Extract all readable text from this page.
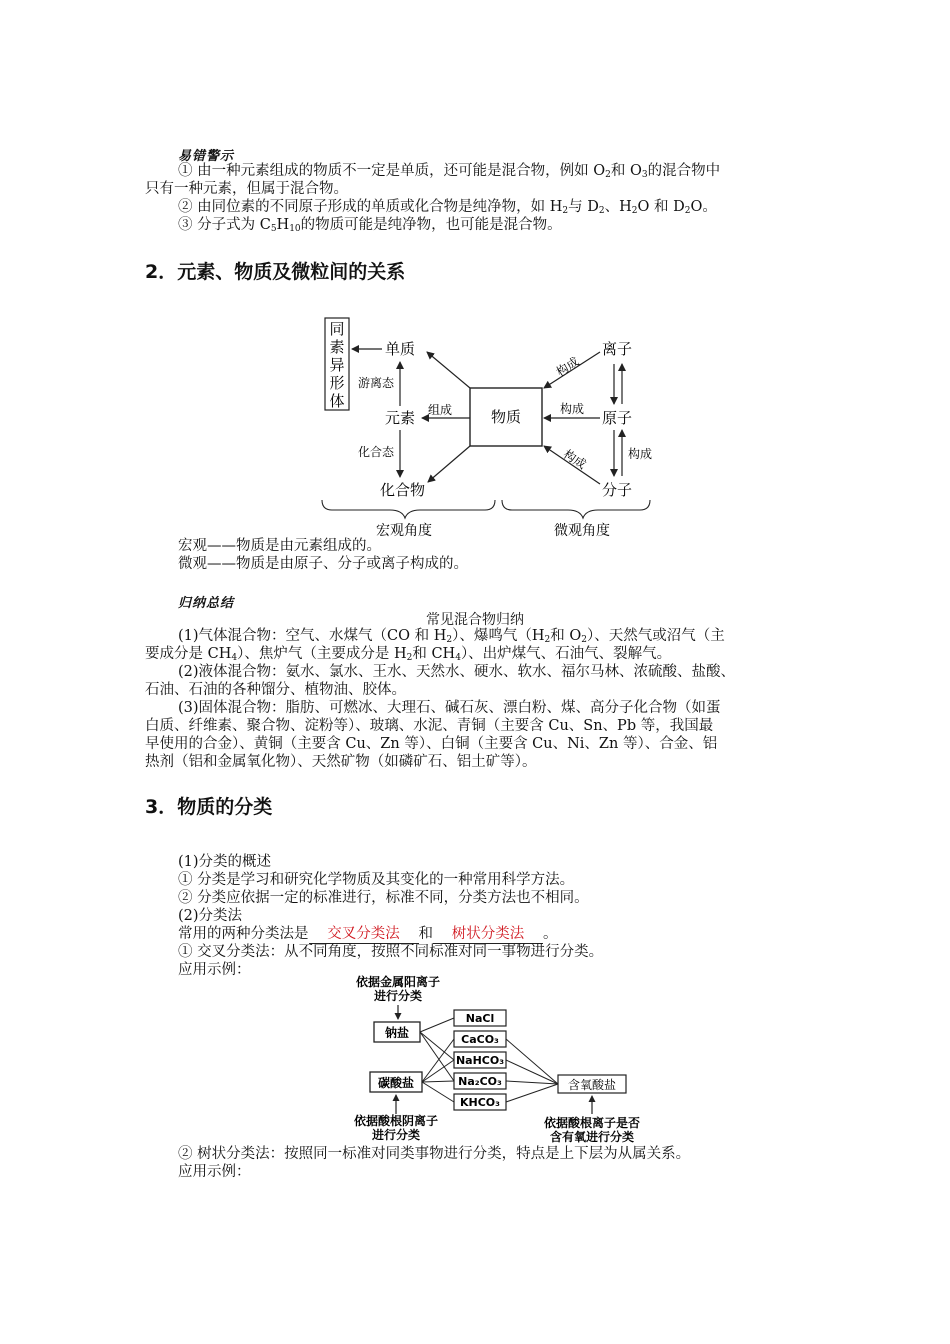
易错警示
① 由一种元素组成的物质不一定是单质，还可能是混合物，例如 $O_2$和 $O_3$的混合物中
只有一种元素，但属于混合物。
② 由同位素的不同原子形成的单质或化合物是纯净物，如 $H_2$与 $D_2$、$H_2O$ 和 $D_2O$。
③ 分子式为 $C_5H_{10}$的物质可能是纯净物，也可能是混合物。
2．元素、物质及微粒间的关系
同
素
异
形
体
单质
元素
化合物
游离态
化合态
物质
组成
离子
原子
分子
构成
构成
构成	构成
宏观角度	微观角度
宏观——物质是由元素组成的。
微观——物质是由原子、分子或离子构成的。
归纳总结
常见混合物归纳
(1)气体混合物：空气、水煤气（CO 和 $H_2$）、爆鸣气（$H_2$和 $O_2$）、天然气或沼气（主
要成分是 $CH_4$）、焦炉气（主要成分是 $H_2$和 $CH_4$）、出炉煤气、石油气、裂解气。
(2)液体混合物：氨水、氯水、王水、天然水、硬水、软水、福尔马林、浓硫酸、盐酸、
石油、石油的各种馏分、植物油、胶体。
(3)固体混合物：脂肪、可燃冰、大理石、碱石灰、漂白粉、煤、高分子化合物（如蛋
白质、纤维素、聚合物、淀粉等）、玻璃、水泥、青铜（主要含 Cu、Sn、Pb 等，我国最
早使用的合金）、黄铜（主要含 Cu、Zn 等）、白铜（主要含 Cu、Ni、Zn 等）、合金、铝
热剂（铝和金属氧化物）、天然矿物（如磷矿石、铝土矿等）。
3．物质的分类
(1)分类的概述
① 分类是学习和研究化学物质及其变化的一种常用科学方法。
② 分类应依据一定的标准进行，标准不同，分类方法也不相同。
(2)分类法
常用的两种分类法是 交叉分类法 和 树状分类法 。
① 交叉分类法：从不同角度，按照不同标准对同一事物进行分类。
应用示例：
依据金属阳离子
进行分类
钠盐
碳酸盐
NaCl
CaCO₃
NaHCO₃
Na₂CO₃
KHCO₃
含氧酸盐
依据酸根阴离子
进行分类
依据酸根离子是否
含有氧进行分类
② 树状分类法：按照同一标准对同类事物进行分类，特点是上下层为从属关系。
应用示例：
